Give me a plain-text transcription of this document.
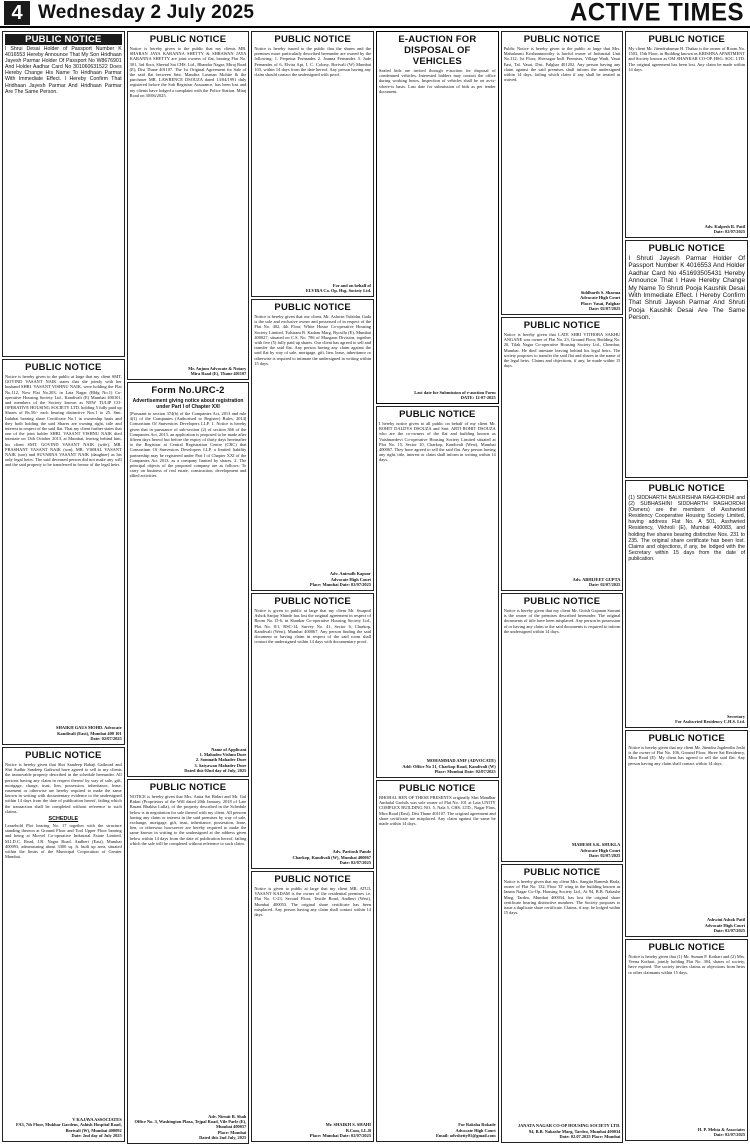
4 Wednesday 2 July 2025	ACTIVE TIMES
PUBLIC NOTICE

I Shrui Desai Holder of Passport Number K 4016553 Hereby Announce That My Son Hridhaan Jayesh Parmar Holder Of Passport No W8676901 And Holder Aadhar Card No 301060631522 Does Hereby Change His Name To Hridhaan Parmar With Immediate Effect. I Hereby Confirm That Hridhaan Jayesh Parmar And Hridhaan Parmar Are The Same Person.

PUBLIC NOTICE

Notice is hereby given to the public at large that my client SMT. GOVIND VASANT NAIK states that she jointly with her husband SHRI. VASANT VISHNU NAIK, were holding the Flat No.112, Now Flat No.203, in Lata Nagar (Bldg No.1) Co-operative Housing Society Ltd., Kandivali (E) Mumbai 400101, and members of the Society known as NEW TULIP CO-OPERATIVE HOUSING SOCIETY LTD. holding 5 fully paid up Shares of Rs.50/- each bearing distinctive Nos.1 to 25. Smt. Indubai bearing share Certificate No.1 in ownership basis and they both holding the said Shares are owning right, title and interest in respect of the said flat. That my client further states that one of the joint holder SHRI. VASANT VISHNU NAIK died intestate on 13th October 2013, at Mumbai, leaving behind him, his client SMT. GOVIND VASANT NAIK (wife), MR. PRASHANT VASANT NAIK (son), MR. VISHAL VASANT NAIK (son) and SUVARNA VASANT NAIK (daughter) as his only legal heirs. The said deceased person did not make any will and the said property to be transferred in favour of the legal heirs.

SHAIKH GAUS MOHD. Advocate
Kandivali (East), Mumbai 400 101
Date: 02/07/2025
PUBLIC NOTICE

Notice is hereby given that Shri Sandeep Babaji Gaikwad and Shri Sudhir Sandeep Gaikwad have agreed to sell to my clients the immovable property described in the schedule hereunder. All persons having any claim in respect thereof by way of sale, gift, mortgage, charge, trust, lien, possession, inheritance, lease, easement or otherwise are hereby required to make the same known in writing with documentary evidence to the undersigned within 14 days from the date of publication hereof, failing which the transaction shall be completed without reference to such claims.

SCHEDULE

Leasehold Plot bearing No. 17 together with the structure standing thereon at Ground Floor and Tool Upper Floor bearing and being at Morvel Co-operative Industrial Estate Limited, M.I.D.C. Road, J.B. Nagar Road, Andheri (East), Mumbai 400093, admeasuring about 3300 sq. ft. built up area, situated within the limits of the Municipal Corporation of Greater Mumbai.

V KAJAVA ASSOCIATES
FA3, 7th Floor, Mukhar Gardens, Ashish Hospital Road, Borivali (W), Mumbai 400092
Date: 2nd day of July 2025
PUBLIC NOTICE

Notice is hereby given to the public that my clients MR. SHARAN JAYA KARANNA SHETTY & SHRAWAN JAYA KARANNA SHETTY are joint owners of flat, bearing Flat No. 301, 3rd floor, Sheetal Sai CHS. Ltd., Bhandar Nagar, Miraj Road (E), Dist Thane 401107. The 1st Original Agreement for Sale of the said flat between Smt. Mandira Laxman Mohite & the purchaser MR. LAWRENCE DSOUZA dated 13/04/1991 duly registered before the Sub Registrar Assurance, has been lost and my clients have lodged a complaint with the Police Station, Miraj Road on 30/06/2025.

Mr. Anjum Advocate & Notary
Mira Road (E), Thane 401107
Form No.URC-2
Advertisement giving notice about registration under Part I of Chapter XXI

[Pursuant to section 374(b) of the Companies Act, 2013 and rule 4(1) of the Companies (Authorised to Register) Rules, 2014] Consortium Of Sunvestors Developers LLP. 1. Notice is hereby given that in pursuance of sub-section (2) of section 366 of the Companies Act, 2013, an application is proposed to be made after fifteen days hereof but before the expiry of thirty days hereinafter to the Registrar at Central Registration Centre (CRC) that Consortium Of Sunvestors Developers LLP, a limited liability partnership may be registered under Part I of Chapter XXI of the Companies Act 2013, as a company limited by shares. 2. The principal objects of the proposed company are as follows: To carry on business of real estate, construction, development and allied activities.

Name of Applicant
1. Mahadeo Vishnu Dure
2. Somnath Mahadev Dure
3. Satyawan Mahadev Dure
Dated this 02nd day of July, 2025
PUBLIC NOTICE

NOTICE is hereby given that Mrs. Anita Sai Bidari and Mr. Gul Bidari (Proprietors of the Will dated 20th January, 2018 of Late Basant Bhakha Lulla), of the property described in the Schedule below is in negotiation for sale thereof with my client. All persons having any claim or interest in the said premises by way of sale, exchange, mortgage, gift, trust, inheritance, possession, lease, lien, or otherwise howsoever are hereby required to make the same known in writing to the undersigned at the address given below within 14 days from the date of publication hereof, failing which the sale will be completed without reference to such claim.

Adv. Nirmit B. Shah
Office No. 3, Washington Plaza, Tejpal Road, Vile Parle (E), Mumbai 400057
Place: Mumbai
Dated this 2nd July, 2025
PUBLIC NOTICE

Notice is hereby issued to the public that the shares and the premises more particularly described hereunder are owned by the following: 1. Perpetua Fernandes 2. Joanna Fernandes 3. Jude Fernandes of 6, Elvira Apt, I. C. Colony, Borivali (W) Mumbai 103, within 14 days from the date hereof. Any person having any claim should contact the undersigned with proof.

For and on behalf of
ELVIRA Co. Op. Hsg. Society Ltd.
PUBLIC NOTICE

Notice is hereby given that our client, Mr. Ashwin Tulsidas Gada is the sole and exclusive owner and possessed of in respect of the Flat No. 402, 4th Floor, White House Co-operative Housing Society Limited, Tulsiram B. Kadam Marg, Byculla (E), Mumbai 400027, situated on C.S. No. 786 of Mazgaon Division, together with five (5) fully paid up shares. Our client has agreed to sell and transfer the said flat. Any person having any claim against the said flat by way of sale, mortgage, gift, lien, lease, inheritance or otherwise is required to intimate the undersigned in writing within 15 days.

Adv. Anirudh Kapoor
Advocate High Court
Place: Mumbai Date: 02/07/2025
PUBLIC NOTICE

Notice is given to public at large that my client Mr. Swapnil Ashok Sanjay Shinde has lost the original agreement in respect of Room No. D-6, in Shankar Co-operative Housing Society Ltd., Plot No. 8/1, RSC-14, Survey No. 41, Sector 6, Charkop, Kandivali (West), Mumbai 400067. Any person finding the said document or having claim in respect of the said room shall contact the undersigned within 14 days with documentary proof.

Adv. Paritosh Pande
Charkop, Kandivali (W), Mumbai 400067
Date: 02/07/2025
PUBLIC NOTICE

Notice is given to public at large that my client MR. ATUL VASANT KADAM is the owner of the residential premises i.e. Flat No. C-23, Second Floor, Textile Road, Andheri (West), Mumbai 400053. The original share certificate has been misplaced. Any person having any claim shall contact within 14 days.

Mr. SHAIKH S. SHAHI
B.Com, LL.B
Place: Mumbai Date: 02/07/2025
E-AUCTION FOR DISPOSAL OF VEHICLES

Sealed bids are invited through e-auction for disposal of condemned vehicles. Interested bidders may contact the office during working hours. Inspection of vehicles shall be on as-is-where-is basis. Last date for submission of bids as per tender document.

Last date for Submission of e-auction Form
DATE: 12-07-2025
PUBLIC NOTICE

I hereby notice given to all public on behalf of my client Mr. ROHIT DALDYS DSOUZA and Smt. ARTI ROHIT DSOUZA who are the co-owners of the flat and building known as Vaishnavdevi Co-operative Housing Society Limited situated at Plot No. 15, Sector 10, Charkop, Kandivali (West), Mumbai 400067. They have agreed to sell the said flat. Any person having any right, title, interest or claim shall inform in writing within 14 days.

MOHAMMAD ANIF (ADVOCATE)
Add: Office No 31, Charkop Road, Kandivali (W)
Place: Mumbai Date: 02/07/2025
PUBLIC NOTICE

BHOHAL BEN OF THESE PRESENTS originally Shri Mandhar Ambalal Grohils was sole owner of Flat No. 101 at Lata UNITY COMPLEX BUILDING NO. 5, Nala 5, CHS. LTD., Nagar Flats, Mira Road (East), Dist Thane 401107. The original agreement and share certificate are misplaced. Any claim against the same be made within 14 days.

For Raksha Rokade
Advocate High Court
Email: advshetty01@gmail.com
PUBLIC NOTICE

Public Notice is hereby given to the public at large that Mrs. Mahalaxmi Krishnamoorthy is lawful owner of Industrial Unit No.112, 1st Floor, Shivsagar Indl. Premises, Village Wadi, Vasai East, Tal. Vasai, Dist. Palghar 401202. Any person having any claim against the said premises shall inform the undersigned within 14 days, failing which claim if any shall be treated as waived.

Siddharth S. Sharma
Advocate High Court
Place: Vasai, Palghar
Date: 02/07/2025
PUBLIC NOTICE

Notice is hereby given that LATE SHRI VITHOBA SAKHU ANGANE was owner of Flat No. 23, Ground Floor, Building No. 20, Tilak Nagar Co-operative Housing Society Ltd., Chembur, Mumbai. He died intestate leaving behind his legal heirs. The society proposes to transfer the said flat and shares in the name of the legal heirs. Claims and objections, if any, be made within 15 days.

Adv. ABHIJEET GUPTA
Date: 02/07/2025
PUBLIC NOTICE

Notice is hereby given that my client Mr. Girish Gajanan Sawant is the owner of the premises described hereunder. The original documents of title have been misplaced. Any person in possession of or having any claim to the said documents is required to inform the undersigned within 14 days.

MAHESH S.K. SHUKLA
Advocate High Court
Date: 02/07/2025
PUBLIC NOTICE

Notice is hereby given that my client Mrs. Sangita Ramesh Harla, owner of Flat No. 132, Floor 'D' wing in the building known as Janata Nagar Co-Op. Housing Society Ltd., At 94, B.B. Nakashe Marg, Tardeo, Mumbai 400034, has lost the original share certificate bearing distinctive numbers. The Society proposes to issue a duplicate share certificate. Claims, if any, be lodged within 15 days.

JANATA NAGAR CO-OP HOUSING SOCIETY LTD.
94, B.B. Nakashe Marg, Tardeo, Mumbai 400034
Date: 02.07.2025 Place: Mumbai
PUBLIC NOTICE

My client Mr. Jitendrakumar H. Thakar is the owner of Room No. 1503, 15th Floor, in Building known as KRISHNA APARTMENT and Society known as OM SHANKAR CO-OP. HSG. SOC. LTD. The original agreement has been lost. Any claim be made within 14 days.

Adv. Kalpesh R. Patil
Date: 02/07/2025
PUBLIC NOTICE

I Shruti Jayesh Parmar Holder Of Passport Number K 4016553 And Holder Aadhar Card No 451693505431 Hereby Announce That I Have Hereby Change My Name To Shruti Pooja Kaushik Desai With Immediate Effect. I Hereby Confirm That Shruti Jayesh Parmar And Shruti Pooja Kaushik Desai Are The Same Person.

PUBLIC NOTICE

(1) SIDDHARTH BALKRISHNA RAGHORDHI and (2) SUBHASHINI SIDDHARTH RAGHORDHI (Owners) are the members of Asshwried Residency Cooperative Housing Society Limited, having address Flat No. A 501, Asshwried Residency, Vikhroli (E), Mumbai 400083, and holding five shares bearing distinctive Nos. 231 to 235. The original share certificate has been lost. Claims and objections, if any, be lodged with the Secretary within 15 days from the date of publication.

Secretary
For Asshwried Residency C.H.S. Ltd.
PUBLIC NOTICE

Notice is hereby given that my client Mr. Jitendra Jagdeodin Joshi is the owner of Flat No. 106, Ground Floor, Shree Sai Residency, Mira Road (E). My client has agreed to sell the said flat. Any person having any claim shall contact within 14 days.

Ashwini Ashok Patil
Advocate High Court
Date: 02/07/2025
PUBLIC NOTICE

Notice is hereby given that (1) Mr. Suman P. Kothari and (2) Mrs. Veena Kothari, jointly holding Flat No. 304, shares of society, have expired. The society invites claims or objections from heirs or other claimants within 15 days.

H. P. Mehta & Associates
Date: 02/07/2025
